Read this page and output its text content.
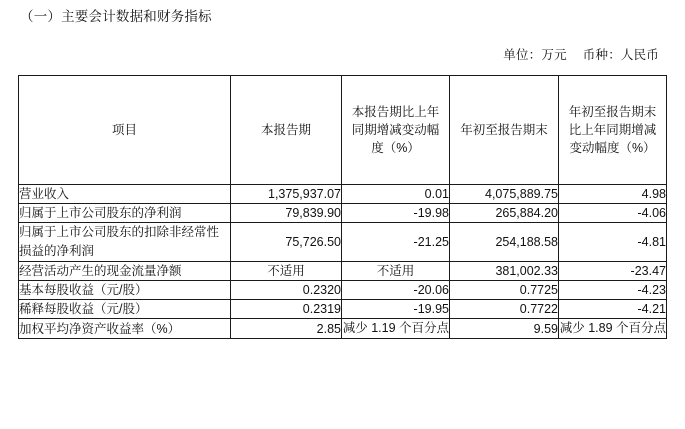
（一）主要会计数据和财务指标
单位：万元 币种：人民币
项目	本报告期	本报告期比上年同期增减变动幅度（%）	年初至报告期末	年初至报告期末比上年同期增减变动幅度（%）

营业收入	1,375,937.07	0.01	4,075,889.75	4.98
归属于上市公司股东的净利润	79,839.90	-19.98	265,884.20	-4.06
归属于上市公司股东的扣除非经常性损益的净利润	75,726.50	-21.25	254,188.58	-4.81
经营活动产生的现金流量净额	不适用	不适用	381,002.33	-23.47
基本每股收益（元/股）	0.2320	-20.06	0.7725	-4.23
稀释每股收益（元/股）	0.2319	-19.95	0.7722	-4.21
加权平均净资产收益率（%）	2.85	减少 1.19 个百分点	9.59	减少 1.89 个百分点
